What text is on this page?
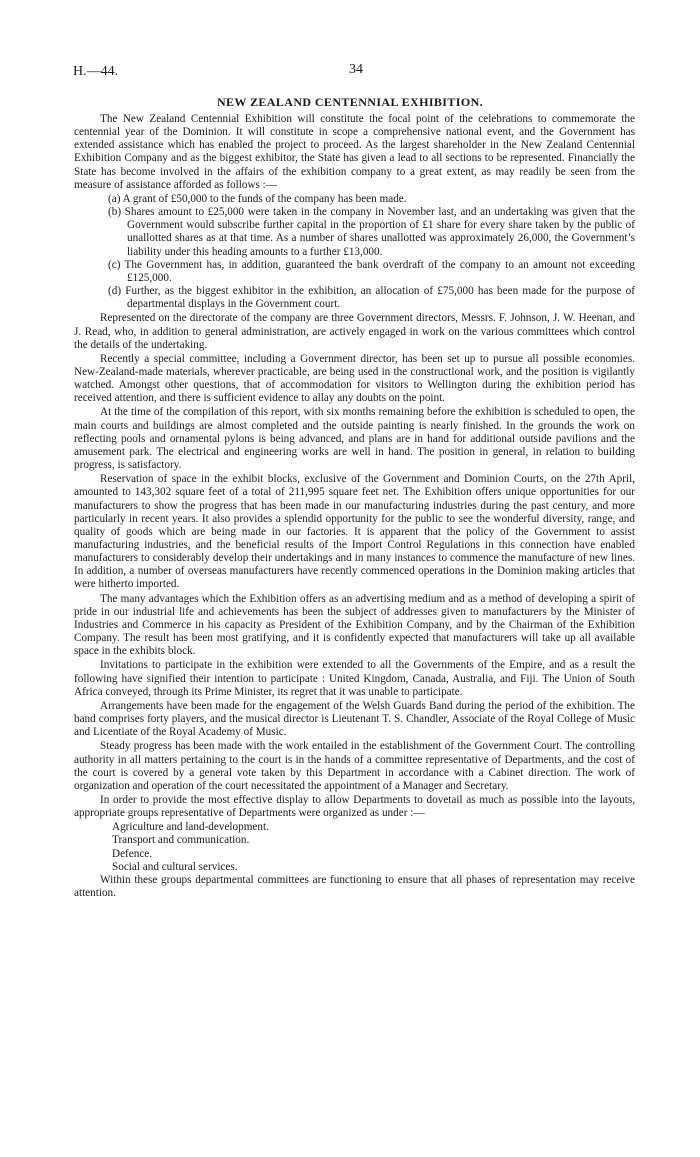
H.—44.	34
NEW ZEALAND CENTENNIAL EXHIBITION.

The New Zealand Centennial Exhibition will constitute the focal point of the celebrations to commemorate the centennial year of the Dominion. It will constitute in scope a comprehensive national event, and the Government has extended assistance which has enabled the project to proceed. As the largest shareholder in the New Zealand Centennial Exhibition Company and as the biggest exhibitor, the State has given a lead to all sections to be represented. Financially the State has become involved in the affairs of the exhibition company to a great extent, as may readily be seen from the measure of assistance afforded as follows :—

(a) A grant of £50,000 to the funds of the company has been made.

(b) Shares amount to £25,000 were taken in the company in November last, and an undertaking was given that the Government would subscribe further capital in the proportion of £1 share for every share taken by the public of unallotted shares as at that time. As a number of shares unallotted was approximately 26,000, the Government’s liability under this heading amounts to a further £13,000.

(c) The Government has, in addition, guaranteed the bank overdraft of the company to an amount not exceeding £125,000.

(d) Further, as the biggest exhibitor in the exhibition, an allocation of £75,000 has been made for the purpose of departmental displays in the Government court.

Represented on the directorate of the company are three Government directors, Messrs. F. Johnson, J. W. Heenan, and J. Read, who, in addition to general administration, are actively engaged in work on the various committees which control the details of the undertaking.

Recently a special committee, including a Government director, has been set up to pursue all possible economies. New-Zealand-made materials, wherever practicable, are being used in the constructional work, and the position is vigilantly watched. Amongst other questions, that of accommodation for visitors to Wellington during the exhibition period has received attention, and there is sufficient evidence to allay any doubts on the point.

At the time of the compilation of this report, with six months remaining before the exhibition is scheduled to open, the main courts and buildings are almost completed and the outside painting is nearly finished. In the grounds the work on reflecting pools and ornamental pylons is being advanced, and plans are in hand for additional outside pavilions and the amusement park. The electrical and engineering works are well in hand. The position in general, in relation to building progress, is satisfactory.

Reservation of space in the exhibit blocks, exclusive of the Government and Dominion Courts, on the 27th April, amounted to 143,302 square feet of a total of 211,995 square feet net. The Exhibition offers unique opportunities for our manufacturers to show the progress that has been made in our manufacturing industries during the past century, and more particularly in recent years. It also provides a splendid opportunity for the public to see the wonderful diversity, range, and quality of goods which are being made in our factories. It is apparent that the policy of the Government to assist manufacturing industries, and the beneficial results of the Import Control Regulations in this connection have enabled manufacturers to considerably develop their undertakings and in many instances to commence the manufacture of new lines. In addition, a number of overseas manufacturers have recently commenced operations in the Dominion making articles that were hitherto imported.

The many advantages which the Exhibition offers as an advertising medium and as a method of developing a spirit of pride in our industrial life and achievements has been the subject of addresses given to manufacturers by the Minister of Industries and Commerce in his capacity as President of the Exhibition Company, and by the Chairman of the Exhibition Company. The result has been most gratifying, and it is confidently expected that manufacturers will take up all available space in the exhibits block.

Invitations to participate in the exhibition were extended to all the Governments of the Empire, and as a result the following have signified their intention to participate : United Kingdom, Canada, Australia, and Fiji. The Union of South Africa conveyed, through its Prime Minister, its regret that it was unable to participate.

Arrangements have been made for the engagement of the Welsh Guards Band during the period of the exhibition. The band comprises forty players, and the musical director is Lieutenant T. S. Chandler, Associate of the Royal College of Music and Licentiate of the Royal Academy of Music.

Steady progress has been made with the work entailed in the establishment of the Government Court. The controlling authority in all matters pertaining to the court is in the hands of a committee representative of Departments, and the cost of the court is covered by a general vote taken by this Department in accordance with a Cabinet direction. The work of organization and operation of the court necessitated the appointment of a Manager and Secretary.

In order to provide the most effective display to allow Departments to dovetail as much as possible into the layouts, appropriate groups representative of Departments were organized as under :—

Agriculture and land-development.

Transport and communication.

Defence.

Social and cultural services.

Within these groups departmental committees are functioning to ensure that all phases of representation may receive attention.
